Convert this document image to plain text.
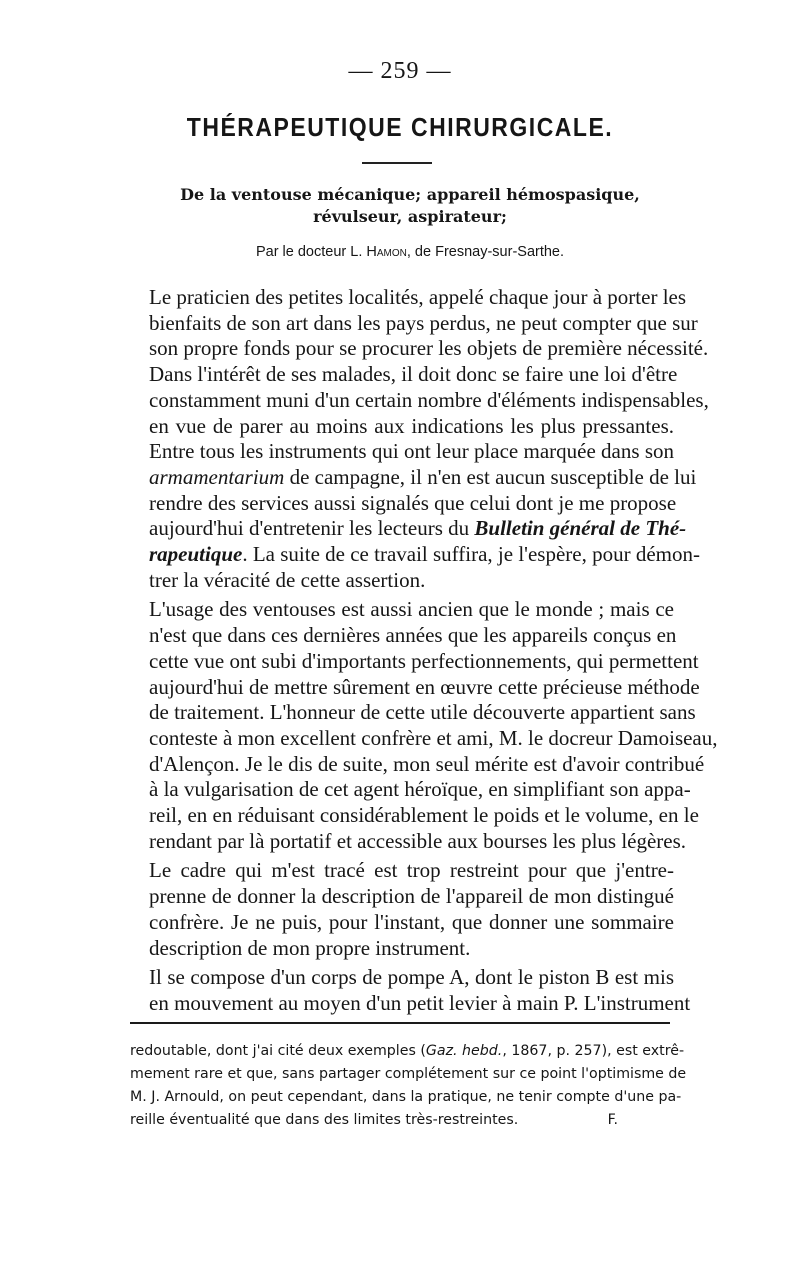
— 259 —
THÉRAPEUTIQUE CHIRURGICALE.
De la ventouse mécanique; appareil hémospasique,
révulseur, aspirateur;
Par le docteur L. Hamon, de Fresnay-sur-Sarthe.

Le praticien des petites localités, appelé chaque jour à porter les
bienfaits de son art dans les pays perdus, ne peut compter que sur
son propre fonds pour se procurer les objets de première nécessité.
Dans l'intérêt de ses malades, il doit donc se faire une loi d'être
constamment muni d'un certain nombre d'éléments indispensables,
en vue de parer au moins aux indications les plus pressantes.
Entre tous les instruments qui ont leur place marquée dans son
armamentarium de campagne, il n'en est aucun susceptible de lui
rendre des services aussi signalés que celui dont je me propose
aujourd'hui d'entretenir les lecteurs du Bulletin général de Thé-
rapeutique. La suite de ce travail suffira, je l'espère, pour démon-
trer la véracité de cette assertion.

L'usage des ventouses est aussi ancien que le monde ; mais ce
n'est que dans ces dernières années que les appareils conçus en
cette vue ont subi d'importants perfectionnements, qui permettent
aujourd'hui de mettre sûrement en œuvre cette précieuse méthode
de traitement. L'honneur de cette utile découverte appartient sans
conteste à mon excellent confrère et ami, M. le docreur Damoiseau,
d'Alençon. Je le dis de suite, mon seul mérite est d'avoir contribué
à la vulgarisation de cet agent héroïque, en simplifiant son appa-
reil, en en réduisant considérablement le poids et le volume, en le
rendant par là portatif et accessible aux bourses les plus légères.

Le cadre qui m'est tracé est trop restreint pour que j'entre-
prenne de donner la description de l'appareil de mon distingué
confrère. Je ne puis, pour l'instant, que donner une sommaire
description de mon propre instrument.

Il se compose d'un corps de pompe A, dont le piston B est mis
en mouvement au moyen d'un petit levier à main P. L'instrument

redoutable, dont j'ai cité deux exemples (Gaz. hebd., 1867, p. 257), est extrê-
mement rare et que, sans partager complétement sur ce point l'optimisme de
M. J. Arnould, on peut cependant, dans la pratique, ne tenir compte d'une pa-
reille éventualité que dans des limites très-restreintes.	F.
